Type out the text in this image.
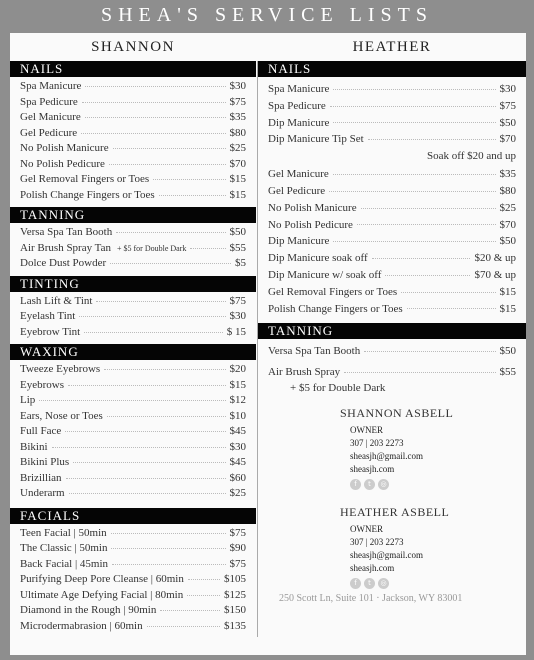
SHEA'S SERVICE LISTS
SHANNON
NAILS
Spa Manicure	$30
Spa Pedicure	$75
Gel Manicure	$35
Gel Pedicure	$80
No Polish Manicure	$25
No Polish Pedicure	$70
Gel Removal Fingers or Toes	$15
Polish Change Fingers or Toes	$15
TANNING
Versa Spa Tan Booth	$50
Air Brush Spray Tan + $5 for Double Dark	$55
Dolce Dust Powder	$5
TINTING
Lash Lift & Tint	$75
Eyelash Tint	$30
Eyebrow Tint	$ 15
WAXING
Tweeze Eyebrows	$20
Eyebrows	$15
Lip	$12
Ears, Nose or Toes	$10
Full Face	$45
Bikini	$30
Bikini Plus	$45
Brizillian	$60
Underarm	$25
FACIALS
Teen Facial | 50min	$75
The Classic | 50min	$90
Back Facial | 45min	$75
Purifying Deep Pore Cleanse | 60min	$105
Ultimate Age Defying Facial | 80min	$125
Diamond in the Rough | 90min	$150
Microdermabrasion | 60min	$135
HEATHER
NAILS
Spa Manicure	$30
Spa Pedicure	$75
Dip Manicure	$50
Dip Manicure Tip Set	$70
Soak off $20 and up
Gel Manicure	$35
Gel Pedicure	$80
No Polish Manicure	$25
No Polish Pedicure	$70
Dip Manicure	$50
Dip Manicure soak off	$20 & up
Dip Manicure w/ soak off	$70 & up
Gel Removal Fingers or Toes	$15
Polish Change Fingers or Toes	$15
TANNING
Versa Spa Tan Booth	$50
Air Brush Spray	$55
+ $5 for Double Dark
SHANNON ASBELL
OWNER
307 | 203 2273
sheasjh@gmail.com
sheasjh.com
f	t	◎
HEATHER ASBELL
OWNER
307 | 203 2273
sheasjh@gmail.com
sheasjh.com
f	t	◎
250 Scott Ln, Suite 101 · Jackson, WY 83001
